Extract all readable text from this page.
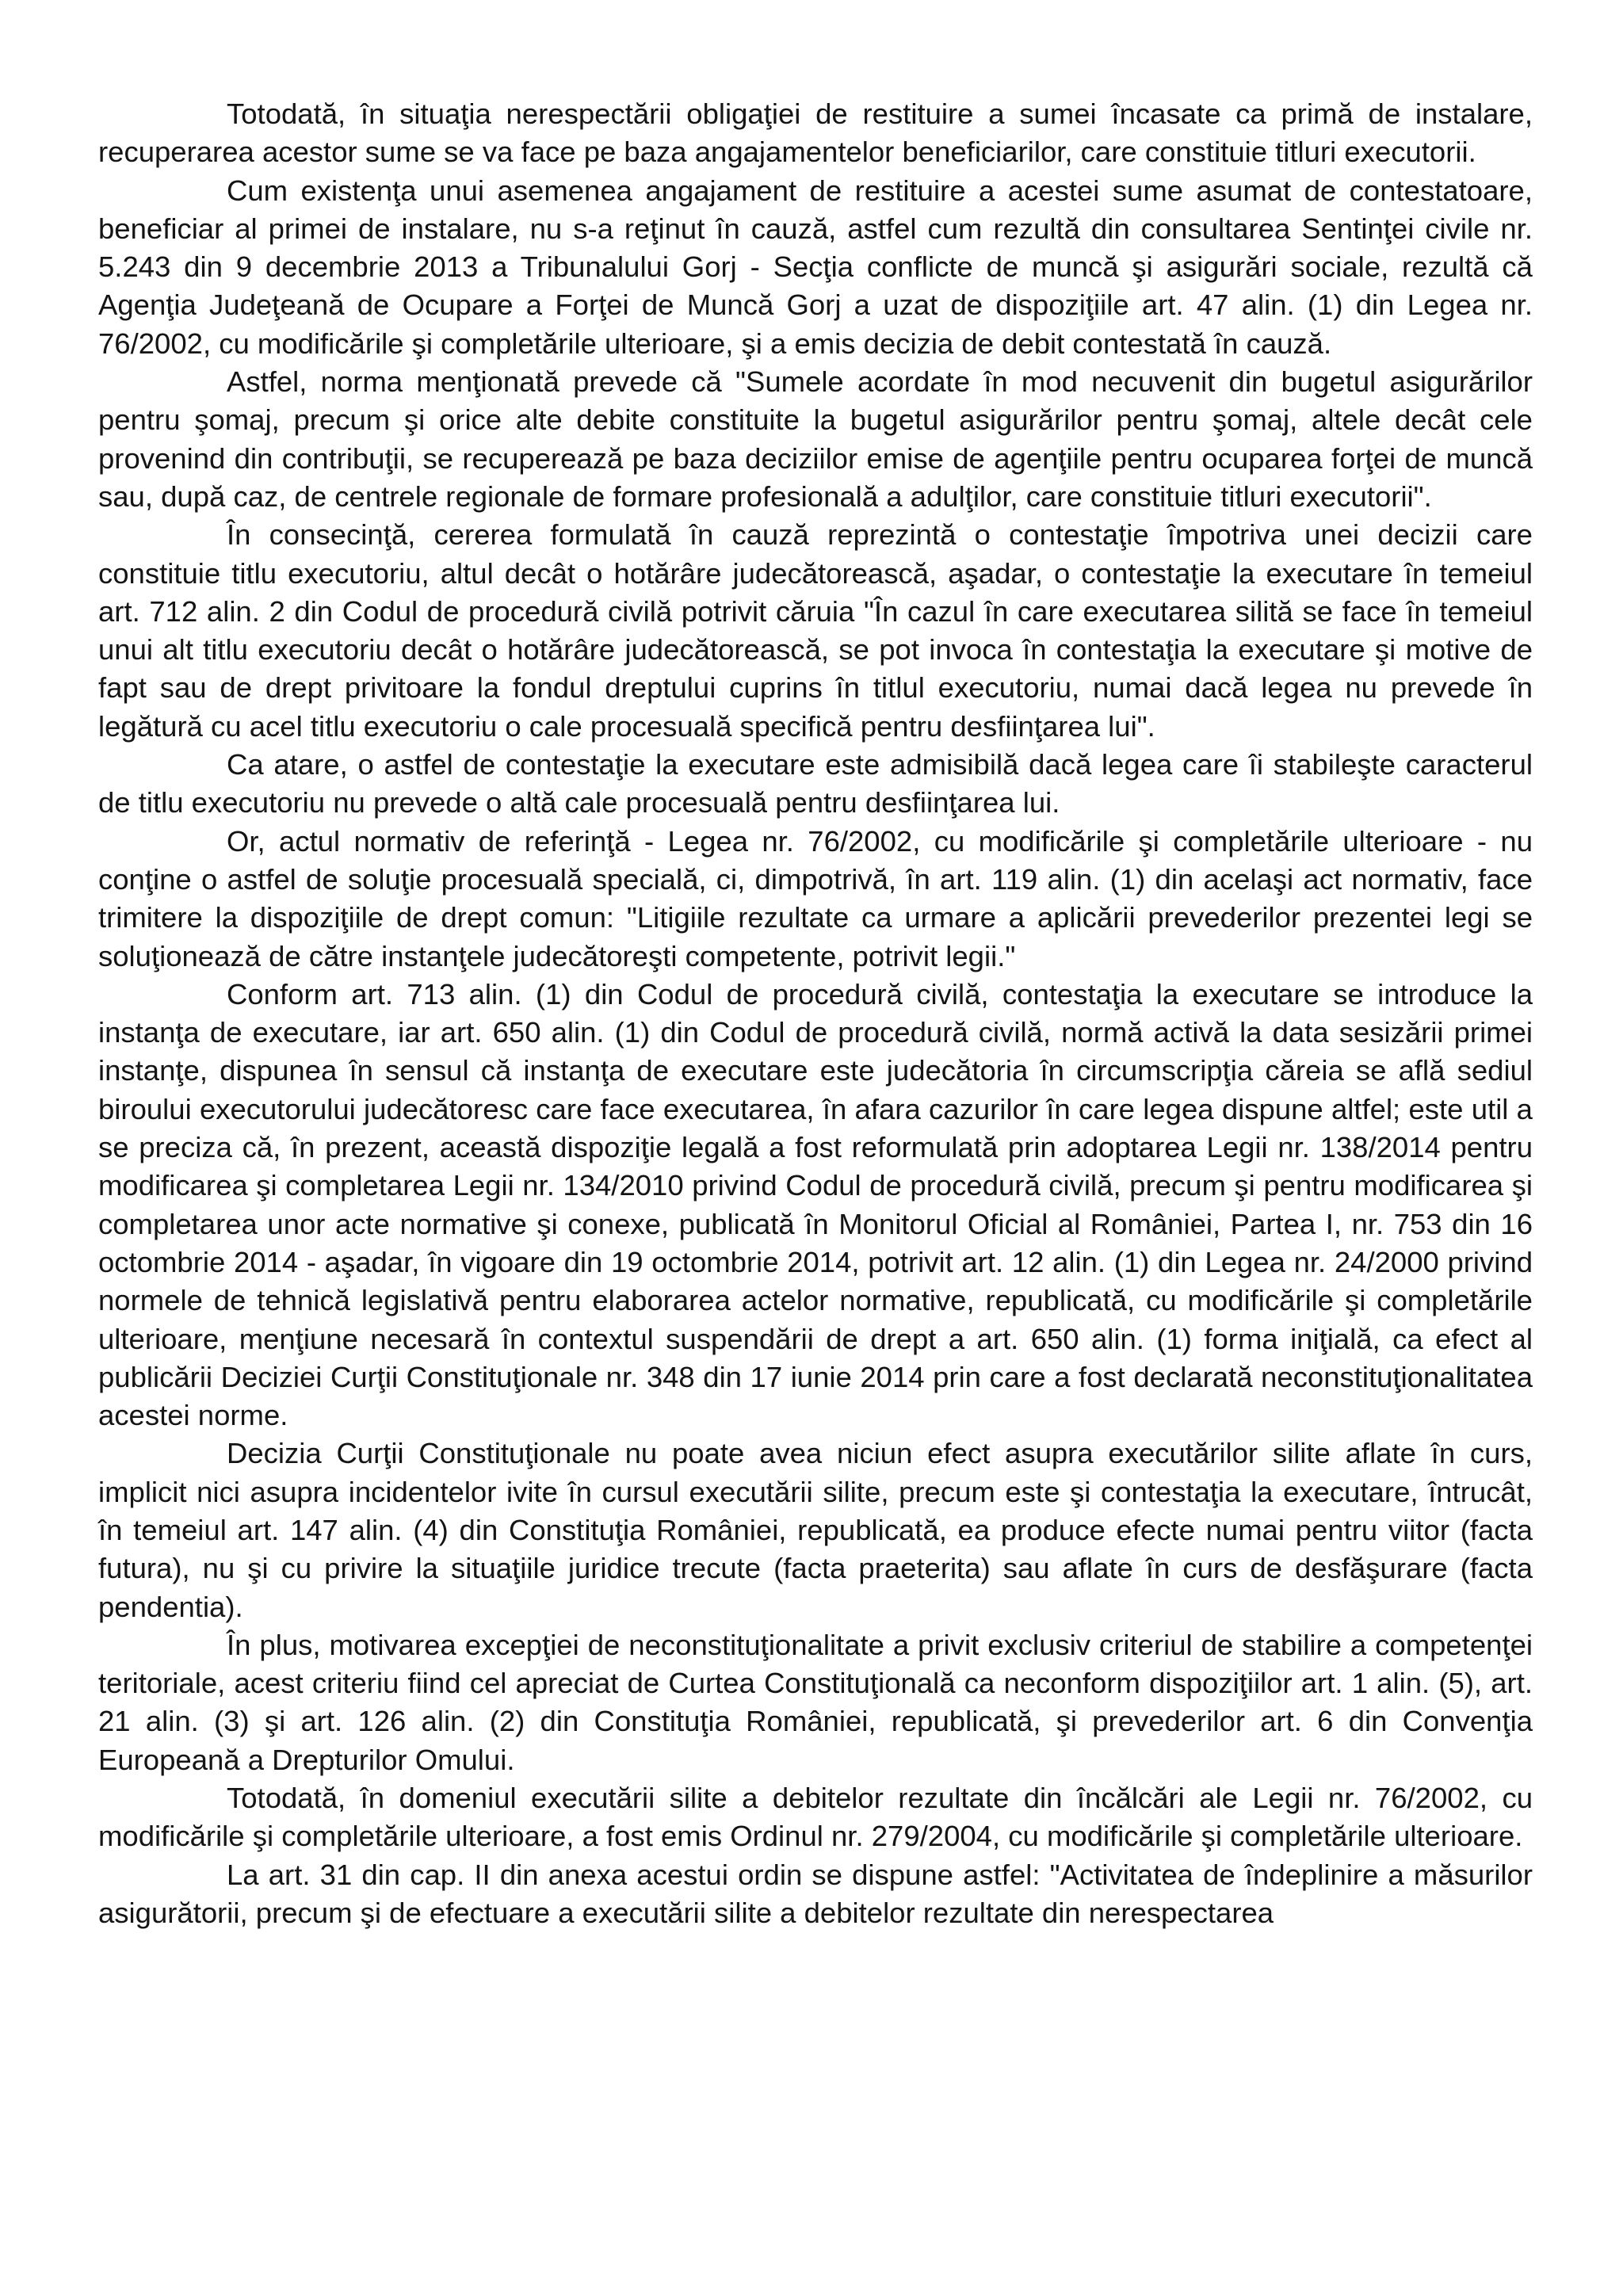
Totodată, în situaţia nerespectării obligaţiei de restituire a sumei încasate ca primă de instalare, recuperarea acestor sume se va face pe baza angajamentelor beneficiarilor, care constituie titluri executorii.

Cum existenţa unui asemenea angajament de restituire a acestei sume asumat de contestatoare, beneficiar al primei de instalare, nu s-a reţinut în cauză, astfel cum rezultă din consultarea Sentinţei civile nr. 5.243 din 9 decembrie 2013 a Tribunalului Gorj - Secţia conflicte de muncă şi asigurări sociale, rezultă că Agenţia Judeţeană de Ocupare a Forţei de Muncă Gorj a uzat de dispoziţiile art. 47 alin. (1) din Legea nr. 76/2002, cu modificările şi completările ulterioare, şi a emis decizia de debit contestată în cauză.

Astfel, norma menţionată prevede că "Sumele acordate în mod necuvenit din bugetul asigurărilor pentru şomaj, precum şi orice alte debite constituite la bugetul asigurărilor pentru şomaj, altele decât cele provenind din contribuţii, se recuperează pe baza deciziilor emise de agenţiile pentru ocuparea forţei de muncă sau, după caz, de centrele regionale de formare profesională a adulţilor, care constituie titluri executorii".

În consecinţă, cererea formulată în cauză reprezintă o contestaţie împotriva unei decizii care constituie titlu executoriu, altul decât o hotărâre judecătorească, aşadar, o contestaţie la executare în temeiul art. 712 alin. 2 din Codul de procedură civilă potrivit căruia "În cazul în care executarea silită se face în temeiul unui alt titlu executoriu decât o hotărâre judecătorească, se pot invoca în contestaţia la executare şi motive de fapt sau de drept privitoare la fondul dreptului cuprins în titlul executoriu, numai dacă legea nu prevede în legătură cu acel titlu executoriu o cale procesuală specifică pentru desfiinţarea lui".

Ca atare, o astfel de contestaţie la executare este admisibilă dacă legea care îi stabileşte caracterul de titlu executoriu nu prevede o altă cale procesuală pentru desfiinţarea lui.

Or, actul normativ de referinţă - Legea nr. 76/2002, cu modificările şi completările ulterioare - nu conţine o astfel de soluţie procesuală specială, ci, dimpotrivă, în art. 119 alin. (1) din acelaşi act normativ, face trimitere la dispoziţiile de drept comun: "Litigiile rezultate ca urmare a aplicării prevederilor prezentei legi se soluţionează de către instanţele judecătoreşti competente, potrivit legii."

Conform art. 713 alin. (1) din Codul de procedură civilă, contestaţia la executare se introduce la instanţa de executare, iar art. 650 alin. (1) din Codul de procedură civilă, normă activă la data sesizării primei instanţe, dispunea în sensul că instanţa de executare este judecătoria în circumscripţia căreia se află sediul biroului executorului judecătoresc care face executarea, în afara cazurilor în care legea dispune altfel; este util a se preciza că, în prezent, această dispoziţie legală a fost reformulată prin adoptarea Legii nr. 138/2014 pentru modificarea şi completarea Legii nr. 134/2010 privind Codul de procedură civilă, precum şi pentru modificarea şi completarea unor acte normative şi conexe, publicată în Monitorul Oficial al României, Partea I, nr. 753 din 16 octombrie 2014 - aşadar, în vigoare din 19 octombrie 2014, potrivit art. 12 alin. (1) din Legea nr. 24/2000 privind normele de tehnică legislativă pentru elaborarea actelor normative, republicată, cu modificările şi completările ulterioare, menţiune necesară în contextul suspendării de drept a art. 650 alin. (1) forma iniţială, ca efect al publicării Deciziei Curţii Constituţionale nr. 348 din 17 iunie 2014 prin care a fost declarată neconstituţionalitatea acestei norme.

Decizia Curţii Constituţionale nu poate avea niciun efect asupra executărilor silite aflate în curs, implicit nici asupra incidentelor ivite în cursul executării silite, precum este şi contestaţia la executare, întrucât, în temeiul art. 147 alin. (4) din Constituţia României, republicată, ea produce efecte numai pentru viitor (facta futura), nu şi cu privire la situaţiile juridice trecute (facta praeterita) sau aflate în curs de desfăşurare (facta pendentia).

În plus, motivarea excepţiei de neconstituţionalitate a privit exclusiv criteriul de stabilire a competenţei teritoriale, acest criteriu fiind cel apreciat de Curtea Constituţională ca neconform dispoziţiilor art. 1 alin. (5), art. 21 alin. (3) şi art. 126 alin. (2) din Constituţia României, republicată, şi prevederilor art. 6 din Convenţia Europeană a Drepturilor Omului.

Totodată, în domeniul executării silite a debitelor rezultate din încălcări ale Legii nr. 76/2002, cu modificările şi completările ulterioare, a fost emis Ordinul nr. 279/2004, cu modificările şi completările ulterioare.

La art. 31 din cap. II din anexa acestui ordin se dispune astfel: "Activitatea de îndeplinire a măsurilor asigurătorii, precum şi de efectuare a executării silite a debitelor rezultate din nerespectarea
